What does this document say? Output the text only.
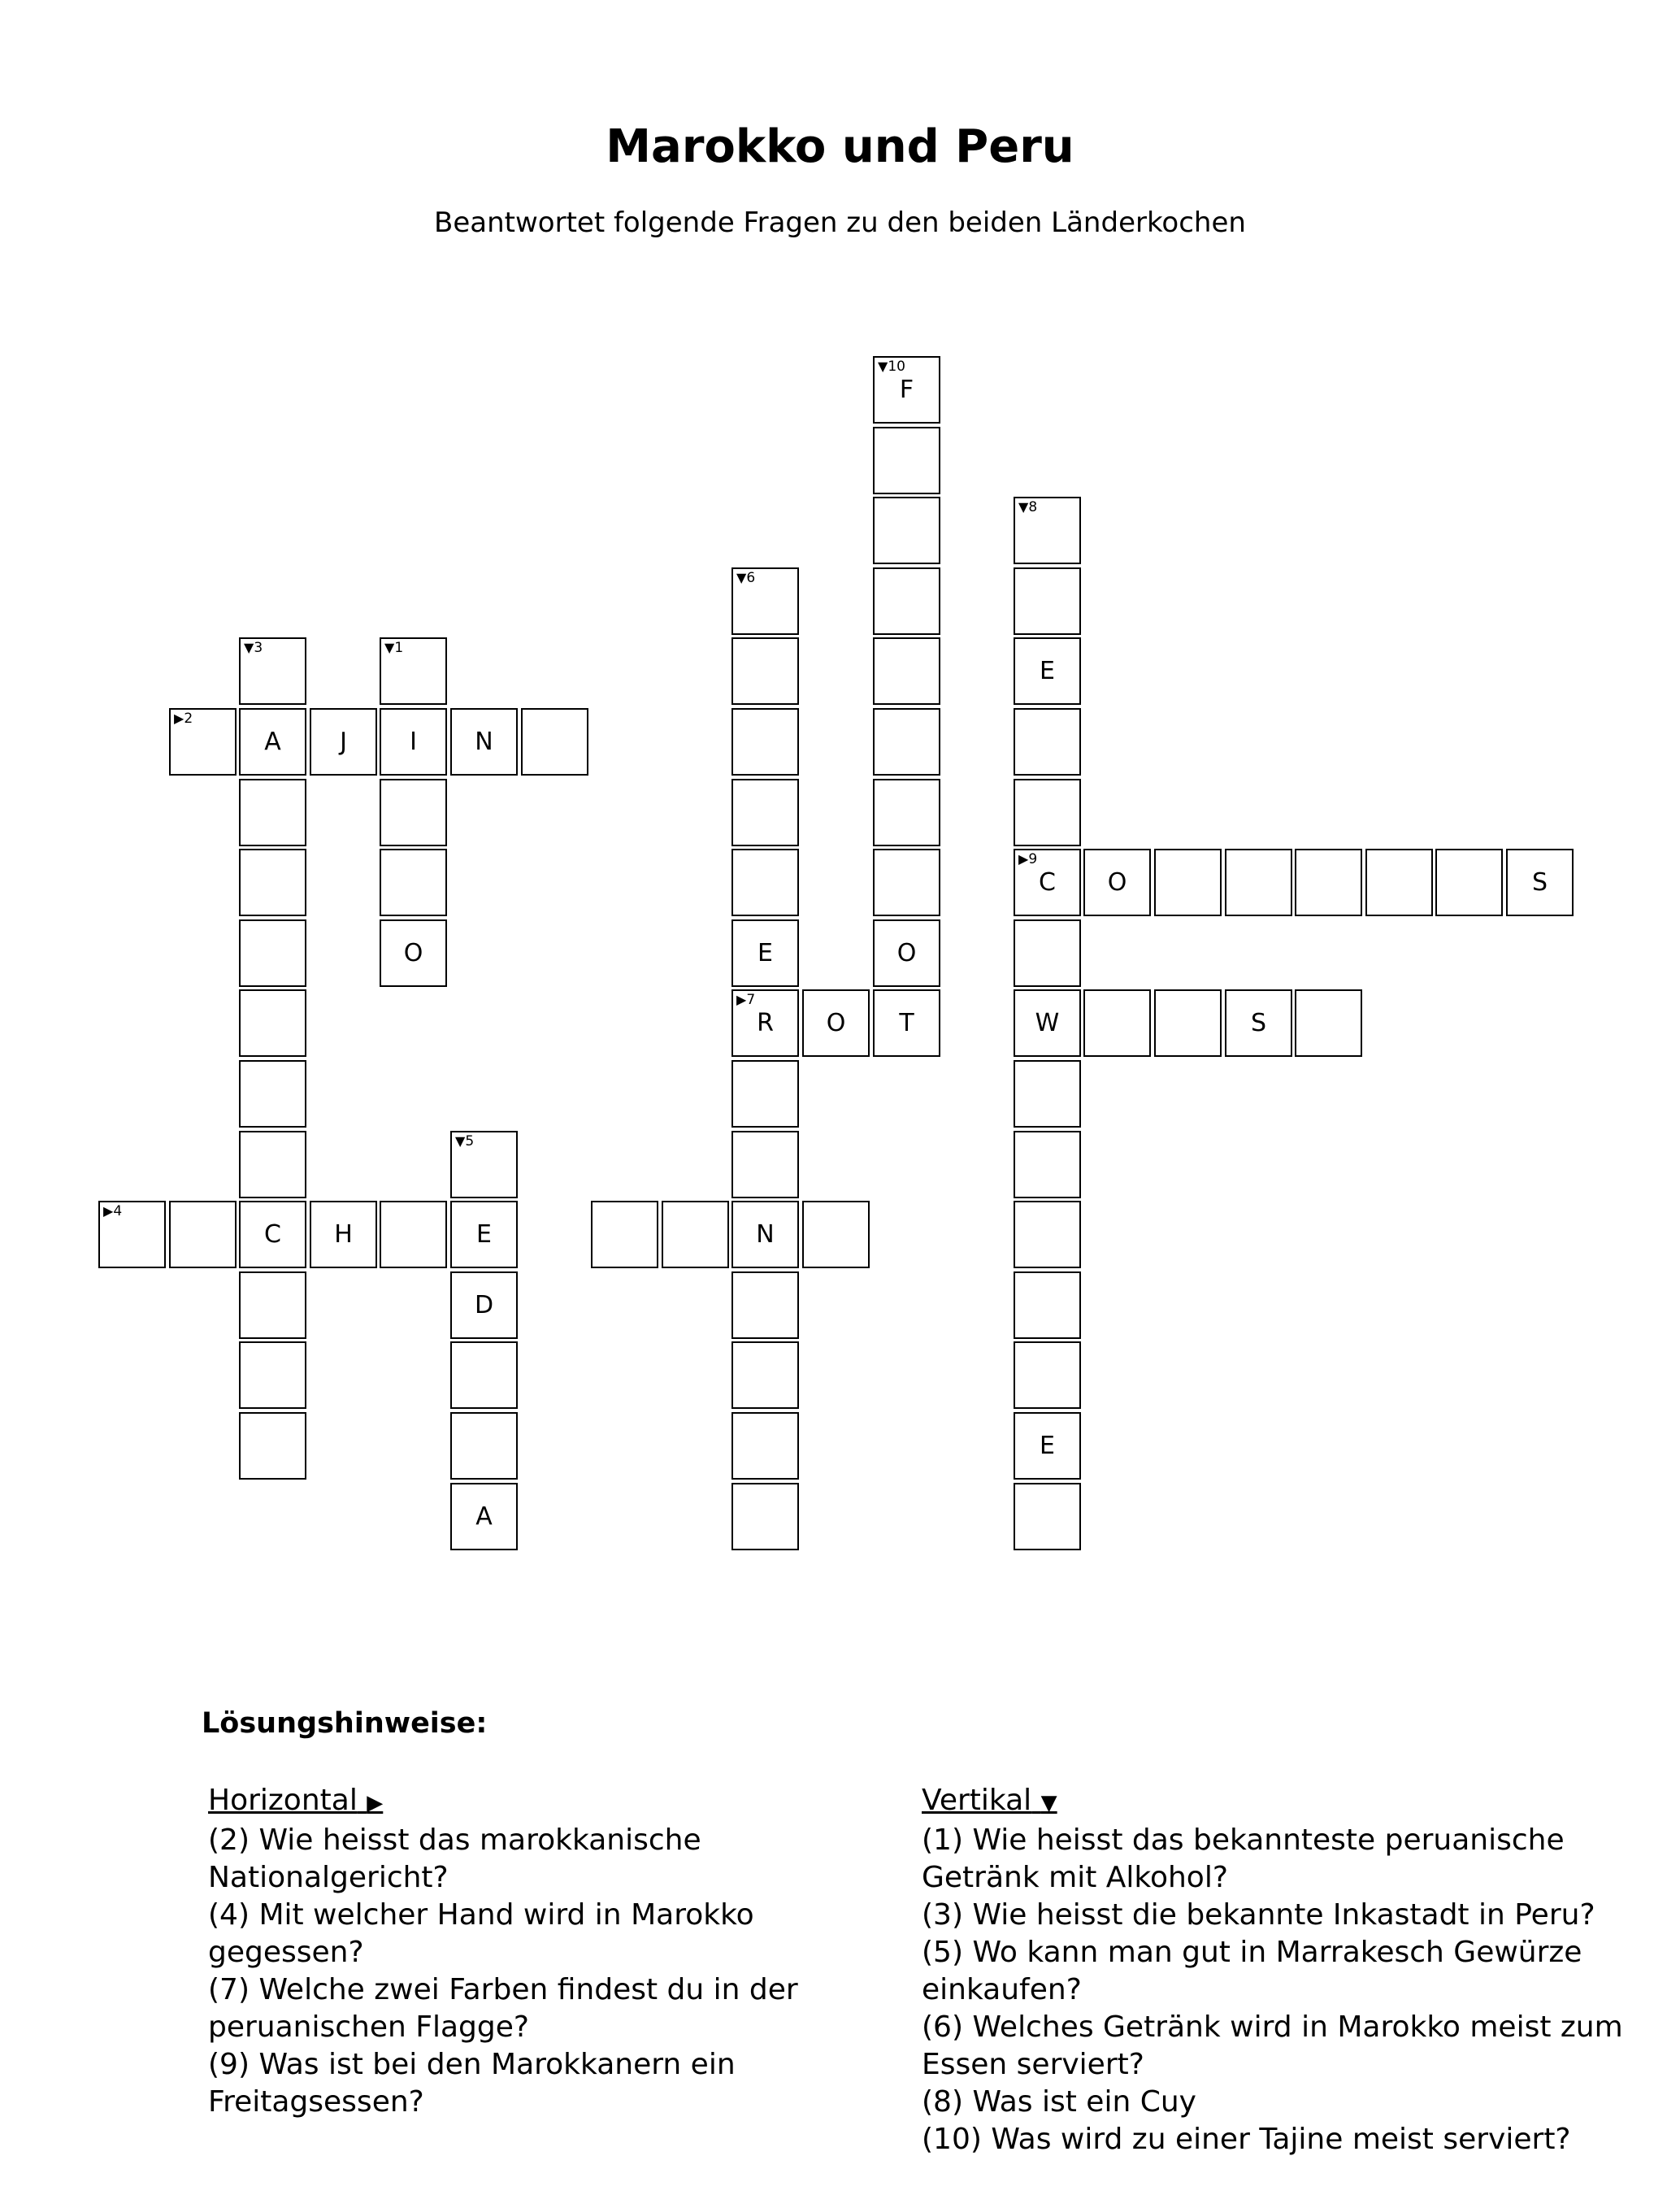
Marokko und Peru
Beantwortet folgende Fragen zu den beiden Länderkochen
▼10
F
O
T
▼8
E
▶9
C
W
E
O	S
S
▼6
E
▶7
R
N
O
▼3
A
C
▼1
I
O
▶2
J	N
▶4
H
▼5
E
D
A
Lösungshinweise:
Horizontal ▶
(2) Wie heisst das marokkanische Nationalgericht?
(4) Mit welcher Hand wird in Marokko gegessen?
(7) Welche zwei Farben findest du in der peruanischen Flagge?
(9) Was ist bei den Marokkanern ein Freitagsessen?
Vertikal ▼
(1) Wie heisst das bekannteste peruanische Getränk mit Alkohol?
(3) Wie heisst die bekannte Inkastadt in Peru?
(5) Wo kann man gut in Marrakesch Gewürze einkaufen?
(6) Welches Getränk wird in Marokko meist zum Essen serviert?
(8) Was ist ein Cuy
(10) Was wird zu einer Tajine meist serviert?
